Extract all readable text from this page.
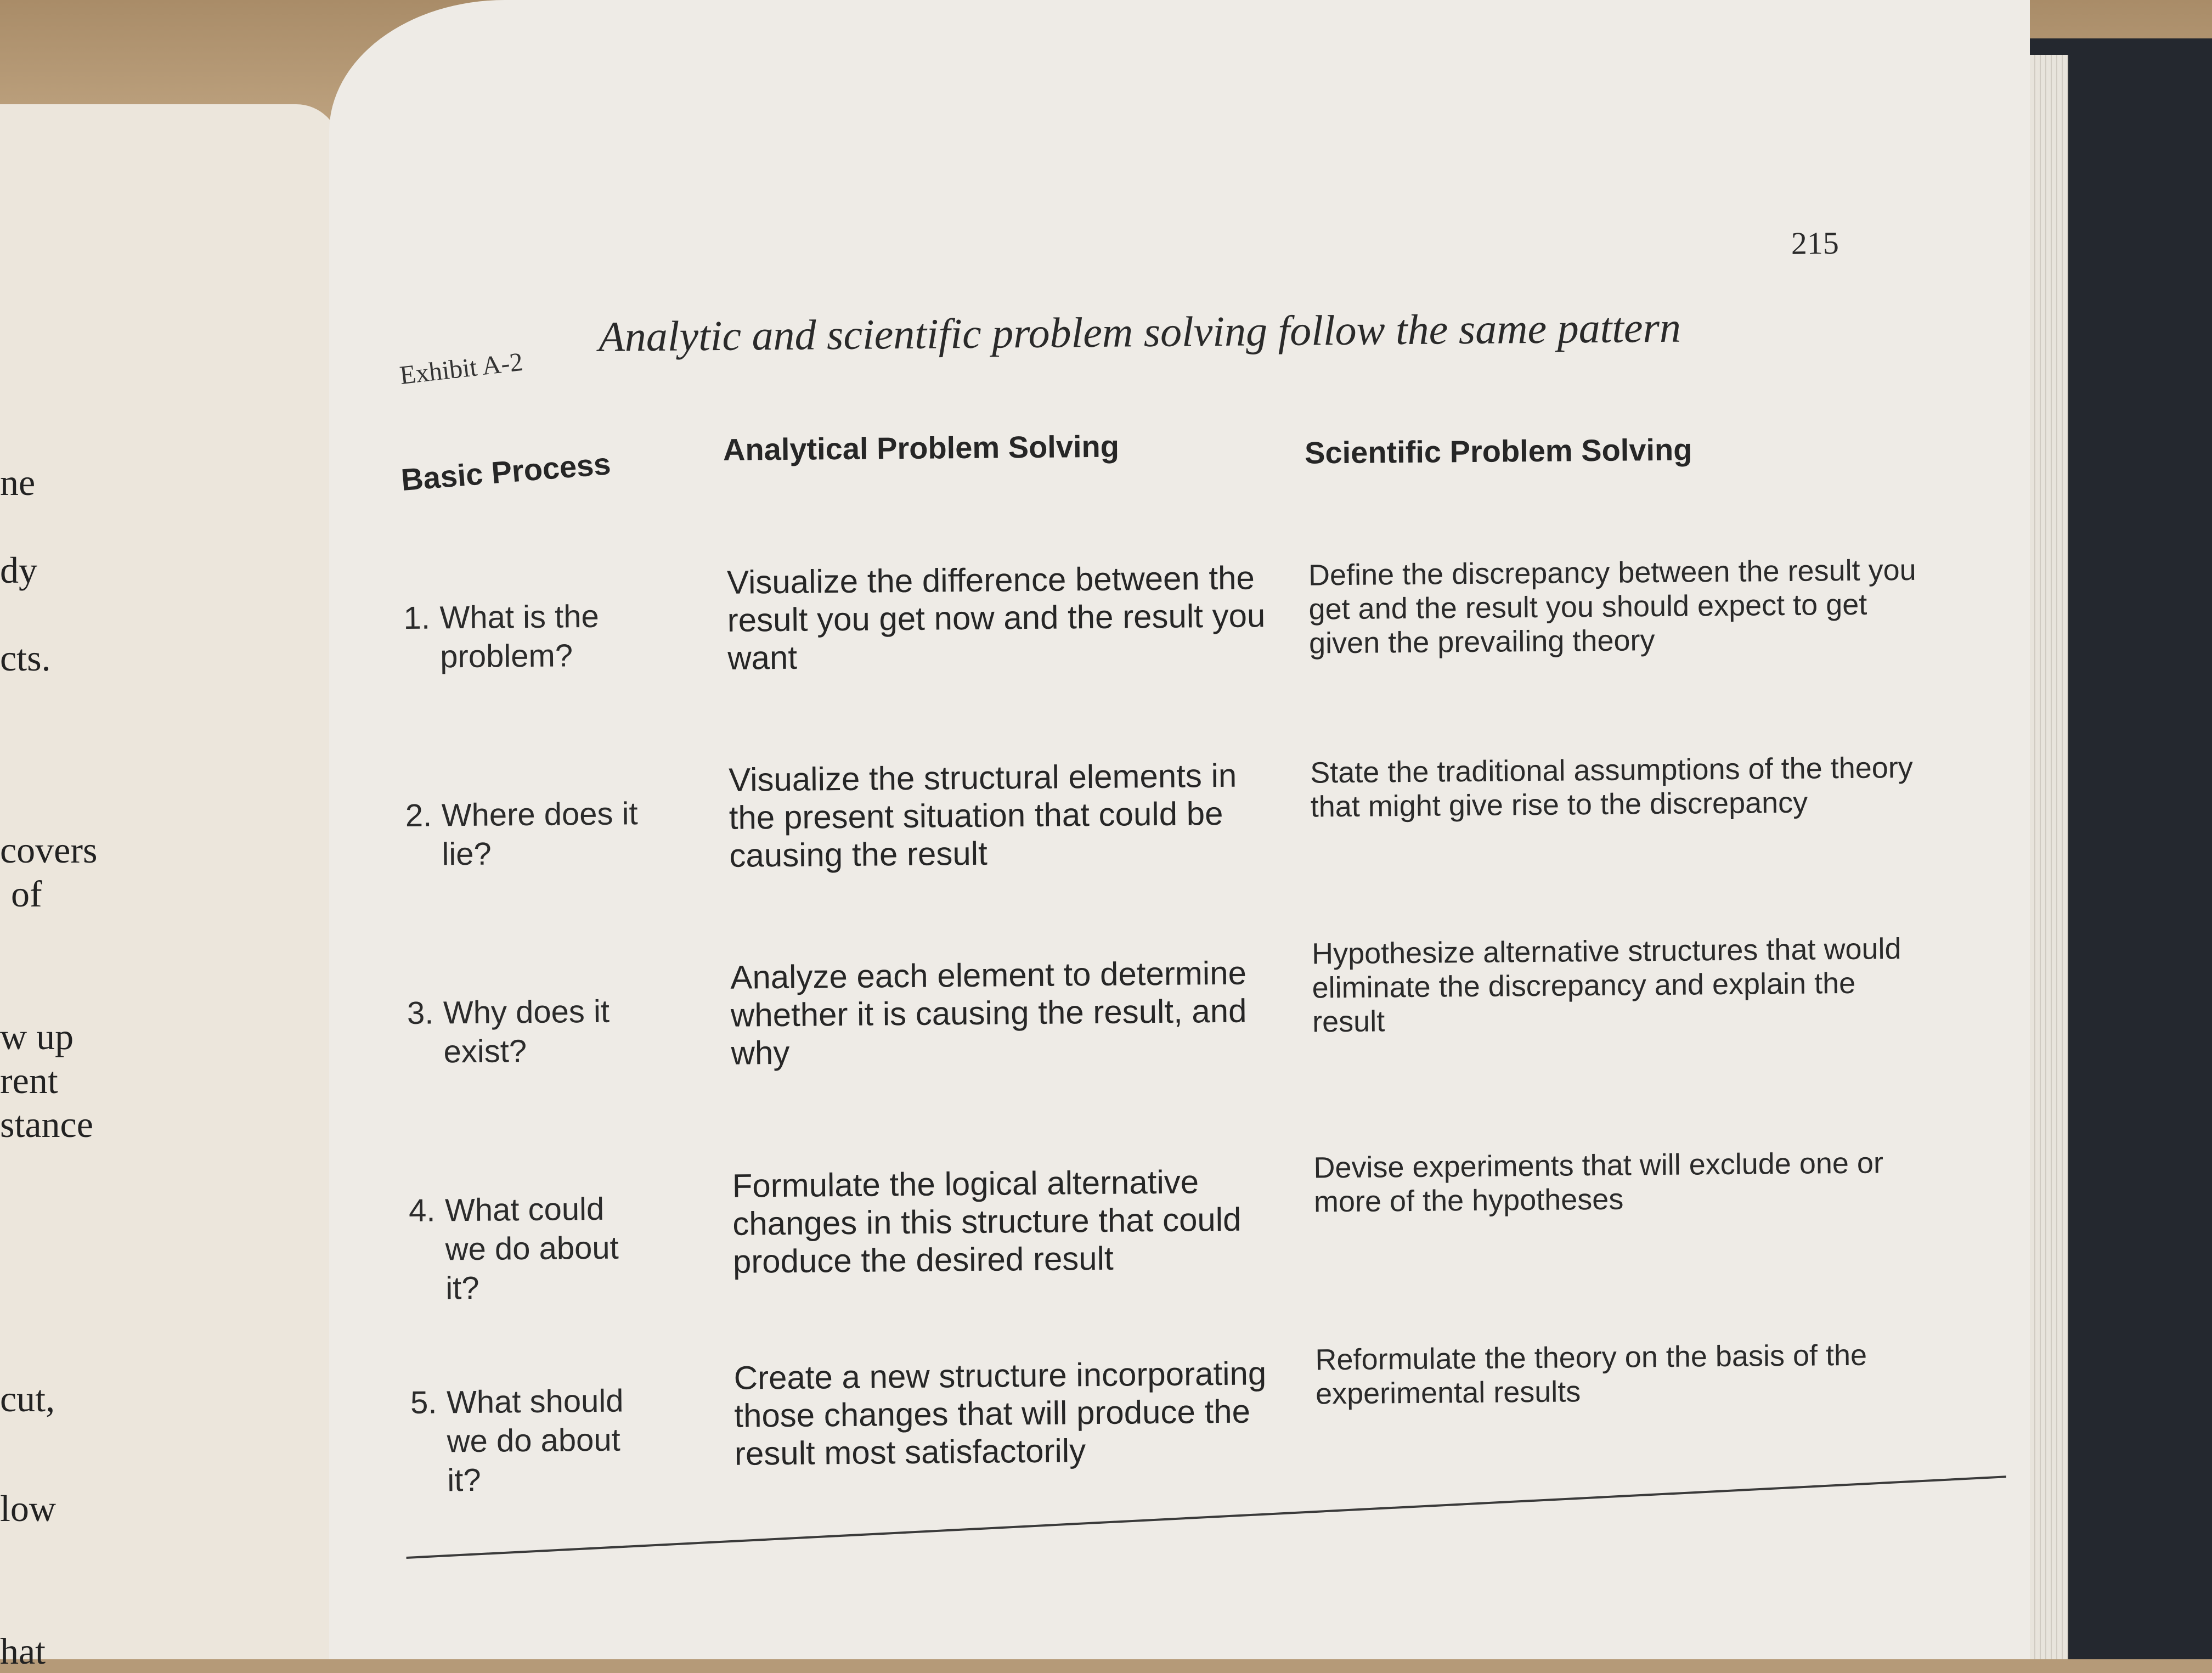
ne

dy

cts.

covers

of

w up

rent

stance

cut,

low

hat

215
Exhibit A-2
Analytic and scientific problem solving follow the same pattern
Basic Process	Analytical Problem Solving	Scientific Problem Solving
1. What is the problem?
Visualize the difference between the result you get now and the result you want
Define the discrepancy between the result you get and the result you should expect to get given the prevailing theory
2. Where does it lie?
Visualize the structural elements in the present situation that could be causing the result
State the traditional assumptions of the theory that might give rise to the discrepancy
3. Why does it exist?
Analyze each element to determine whether it is causing the result, and why
Hypothesize alternative structures that would eliminate the discrepancy and explain the result
4. What could we do about it?
Formulate the logical alternative changes in this structure that could produce the desired result
Devise experiments that will exclude one or more of the hypotheses
5. What should we do about it?
Create a new structure incorporating those changes that will produce the result most satisfactorily
Reformulate the theory on the basis of the experimental results
